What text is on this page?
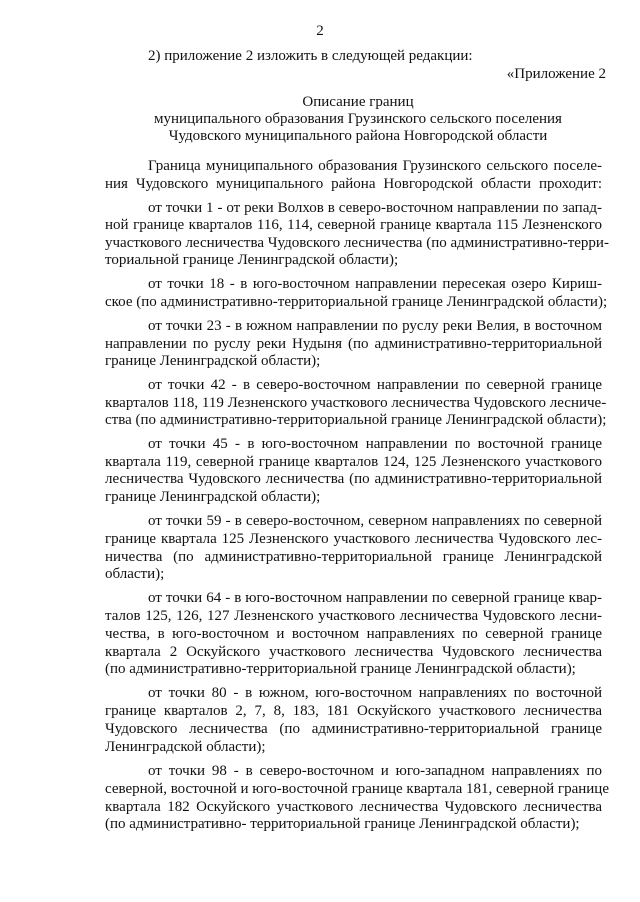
2
2) приложение 2 изложить в следующей редакции:
«Приложение 2
Описание границ
муниципального образования Грузинского сельского поселения
Чудовского муниципального района Новгородской области
Граница муниципального образования Грузинского сельского поселе-
ния Чудовского муниципального района Новгородской области проходит:
от точки 1 - от реки Волхов в северо-восточном направлении по запад-
ной границе кварталов 116, 114, северной границе квартала 115 Лезненского
участкового лесничества Чудовского лесничества (по административно-терри-
ториальной границе Ленинградской области);
от точки 18 - в юго-восточном направлении пересекая озеро Кириш-
ское (по административно-территориальной границе Ленинградской области);
от точки 23 - в южном направлении по руслу реки Велия, в восточном
направлении по руслу реки Нудыня (по административно-территориальной
границе Ленинградской области);
от точки 42 - в северо-восточном направлении по северной границе
кварталов 118, 119 Лезненского участкового лесничества Чудовского лесниче-
ства (по административно-территориальной границе Ленинградской области);
от точки 45 - в юго-восточном направлении по восточной границе
квартала 119, северной границе кварталов 124, 125 Лезненского участкового
лесничества Чудовского лесничества (по административно-территориальной
границе Ленинградской области);
от точки 59 - в северо-восточном, северном направлениях по северной
границе квартала 125 Лезненского участкового лесничества Чудовского лес-
ничества (по административно-территориальной границе Ленинградской
области);
от точки 64 - в юго-восточном направлении по северной границе квар-
талов 125, 126, 127 Лезненского участкового лесничества Чудовского лесни-
чества, в юго-восточном и восточном направлениях по северной границе
квартала 2 Оскуйского участкового лесничества Чудовского лесничества
(по административно-территориальной границе Ленинградской области);
от точки 80 - в южном, юго-восточном направлениях по восточной
границе кварталов 2, 7, 8, 183, 181 Оскуйского участкового лесничества
Чудовского лесничества (по административно-территориальной границе
Ленинградской области);
от точки 98 - в северо-восточном и юго-западном направлениях по
северной, восточной и юго-восточной границе квартала 181, северной границе
квартала 182 Оскуйского участкового лесничества Чудовского лесничества
(по административно- территориальной границе Ленинградской области);
